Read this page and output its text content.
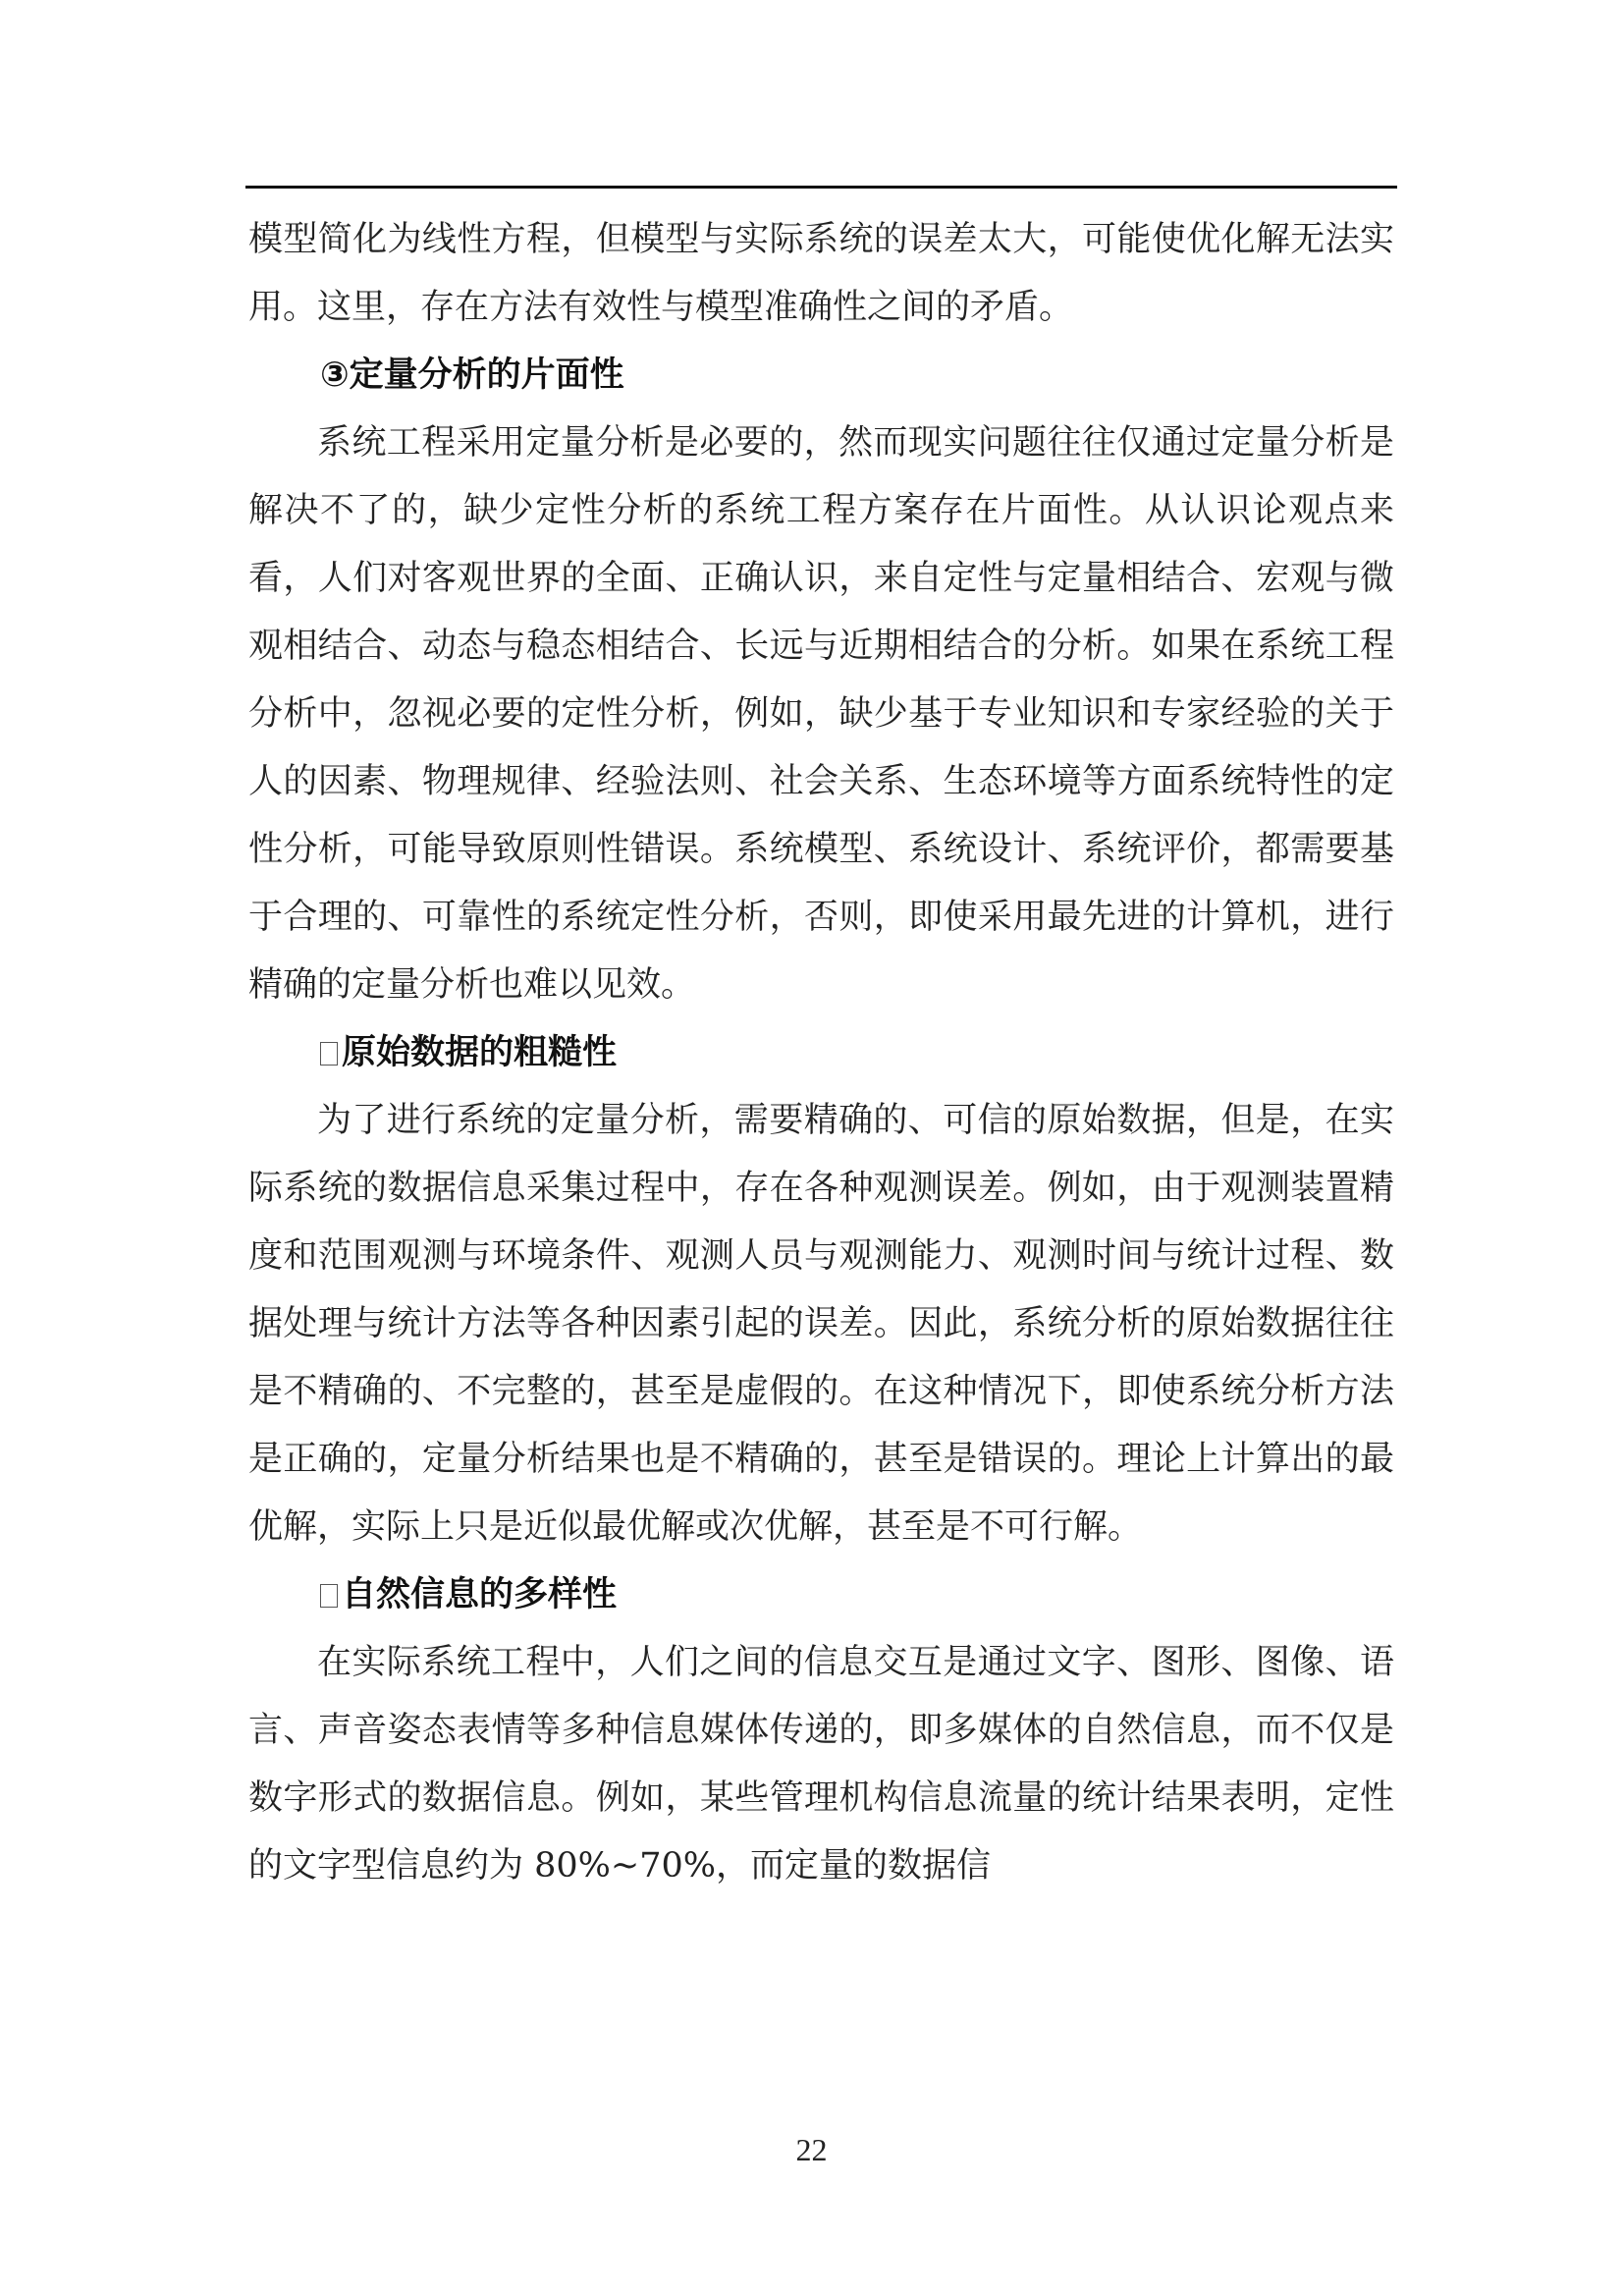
模型简化为线性方程，但模型与实际系统的误差太大，可能使优化解无法实用。这里，存在方法有效性与模型准确性之间的矛盾。

③定量分析的片面性

系统工程采用定量分析是必要的，然而现实问题往往仅通过定量分析是解决不了的，缺少定性分析的系统工程方案存在片面性。从认识论观点来看，人们对客观世界的全面、正确认识，来自定性与定量相结合、宏观与微观相结合、动态与稳态相结合、长远与近期相结合的分析。如果在系统工程分析中，忽视必要的定性分析，例如，缺少基于专业知识和专家经验的关于人的因素、物理规律、经验法则、社会关系、生态环境等方面系统特性的定性分析，可能导致原则性错误。系统模型、系统设计、系统评价，都需要基于合理的、可靠性的系统定性分析，否则，即使采用最先进的计算机，进行精确的定量分析也难以见效。

原始数据的粗糙性

为了进行系统的定量分析，需要精确的、可信的原始数据，但是，在实际系统的数据信息采集过程中，存在各种观测误差。例如，由于观测装置精度和范围观测与环境条件、观测人员与观测能力、观测时间与统计过程、数据处理与统计方法等各种因素引起的误差。因此，系统分析的原始数据往往是不精确的、不完整的，甚至是虚假的。在这种情况下，即使系统分析方法是正确的，定量分析结果也是不精确的，甚至是错误的。理论上计算出的最优解，实际上只是近似最优解或次优解，甚至是不可行解。

自然信息的多样性

在实际系统工程中，人们之间的信息交互是通过文字、图形、图像、语言、声音姿态表情等多种信息媒体传递的，即多媒体的自然信息，而不仅是数字形式的数据信息。例如，某些管理机构信息流量的统计结果表明，定性的文字型信息约为 80%~70%，而定量的数据信

22
